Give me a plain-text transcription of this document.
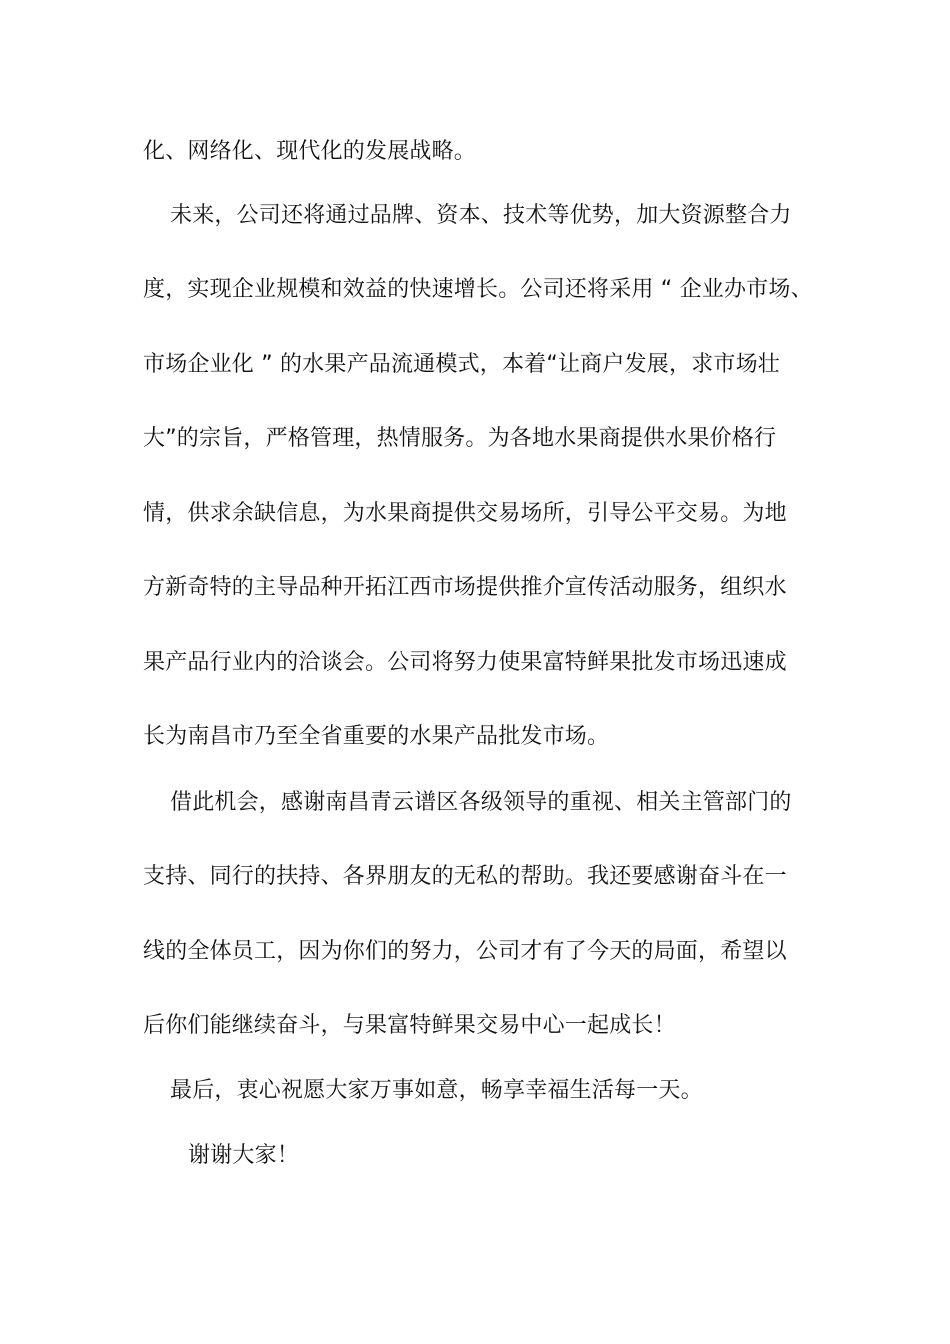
化、网络化、现代化的发展战略。
未来，公司还将通过品牌、资本、技术等优势，加大资源整合力
度，实现企业规模和效益的快速增长。公司还将采用 “ 企业办市场、
市场企业化 ” 的水果产品流通模式，本着“让商户发展，求市场壮
大”的宗旨，严格管理，热情服务。为各地水果商提供水果价格行
情，供求余缺信息，为水果商提供交易场所，引导公平交易。为地
方新奇特的主导品种开拓江西市场提供推介宣传活动服务，组织水
果产品行业内的洽谈会。公司将努力使果富特鲜果批发市场迅速成
长为南昌市乃至全省重要的水果产品批发市场。
借此机会，感谢南昌青云谱区各级领导的重视、相关主管部门的
支持、同行的扶持、各界朋友的无私的帮助。我还要感谢奋斗在一
线的全体员工，因为你们的努力，公司才有了今天的局面，希望以
后你们能继续奋斗，与果富特鲜果交易中心一起成长！
最后，衷心祝愿大家万事如意，畅享幸福生活每一天。
谢谢大家！
